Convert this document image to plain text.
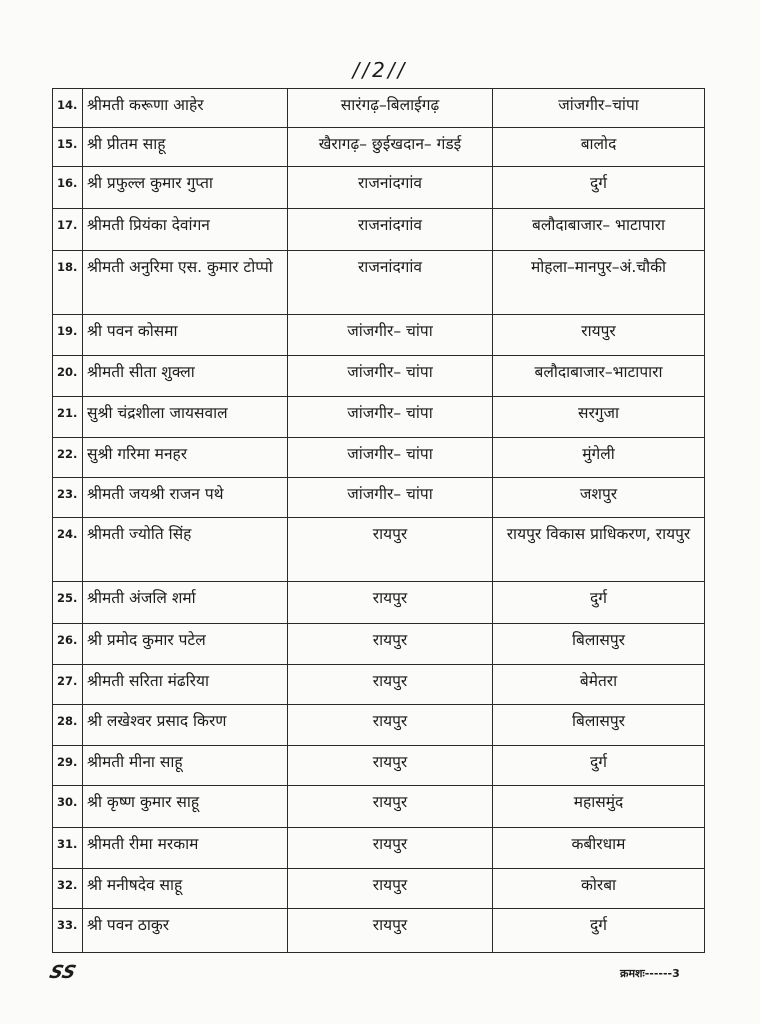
//2//
14.	श्रीमती करूणा आहेर	सारंगढ़–बिलाईगढ़	जांजगीर–चांपा
15.	श्री प्रीतम साहू	खैरागढ़– छुईखदान– गंडई	बालोद
16.	श्री प्रफुल्ल कुमार गुप्ता	राजनांदगांव	दुर्ग
17.	श्रीमती प्रियंका देवांगन	राजनांदगांव	बलौदाबाजार– भाटापारा
18.	श्रीमती अनुरिमा एस. कुमार टोप्पो	राजनांदगांव	मोहला–मानपुर–अं.चौकी
19.	श्री पवन कोसमा	जांजगीर– चांपा	रायपुर
20.	श्रीमती सीता शुक्ला	जांजगीर– चांपा	बलौदाबाजार–भाटापारा
21.	सुश्री चंद्रशीला जायसवाल	जांजगीर– चांपा	सरगुजा
22.	सुश्री गरिमा मनहर	जांजगीर– चांपा	मुंगेली
23.	श्रीमती जयश्री राजन पथे	जांजगीर– चांपा	जशपुर
24.	श्रीमती ज्योति सिंह	रायपुर	रायपुर विकास प्राधिकरण, रायपुर
25.	श्रीमती अंजलि शर्मा	रायपुर	दुर्ग
26.	श्री प्रमोद कुमार पटेल	रायपुर	बिलासपुर
27.	श्रीमती सरिता मंढरिया	रायपुर	बेमेतरा
28.	श्री लखेश्वर प्रसाद किरण	रायपुर	बिलासपुर
29.	श्रीमती मीना साहू	रायपुर	दुर्ग
30.	श्री कृष्ण कुमार साहू	रायपुर	महासमुंद
31.	श्रीमती रीमा मरकाम	रायपुर	कबीरधाम
32.	श्री मनीषदेव साहू	रायपुर	कोरबा
33.	श्री पवन ठाकुर	रायपुर	दुर्ग
SS	क्रमशः------3
